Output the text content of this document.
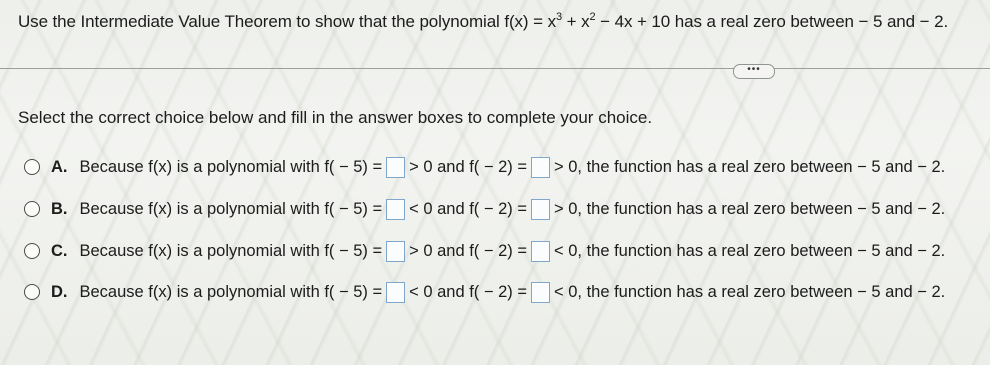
Use the Intermediate Value Theorem to show that the polynomial $f(x) = x^3 + x^2 - 4x + 10$ has a real zero between − 5 and − 2.
•••
Select the correct choice below and fill in the answer boxes to complete your choice.
A. Because f(x) is a polynomial with f( − 5) = > 0 and f( − 2) = > 0, the function has a real zero between − 5 and − 2.
B. Because f(x) is a polynomial with f( − 5) = < 0 and f( − 2) = > 0, the function has a real zero between − 5 and − 2.
C. Because f(x) is a polynomial with f( − 5) = > 0 and f( − 2) = < 0, the function has a real zero between − 5 and − 2.
D. Because f(x) is a polynomial with f( − 5) = < 0 and f( − 2) = < 0, the function has a real zero between − 5 and − 2.
